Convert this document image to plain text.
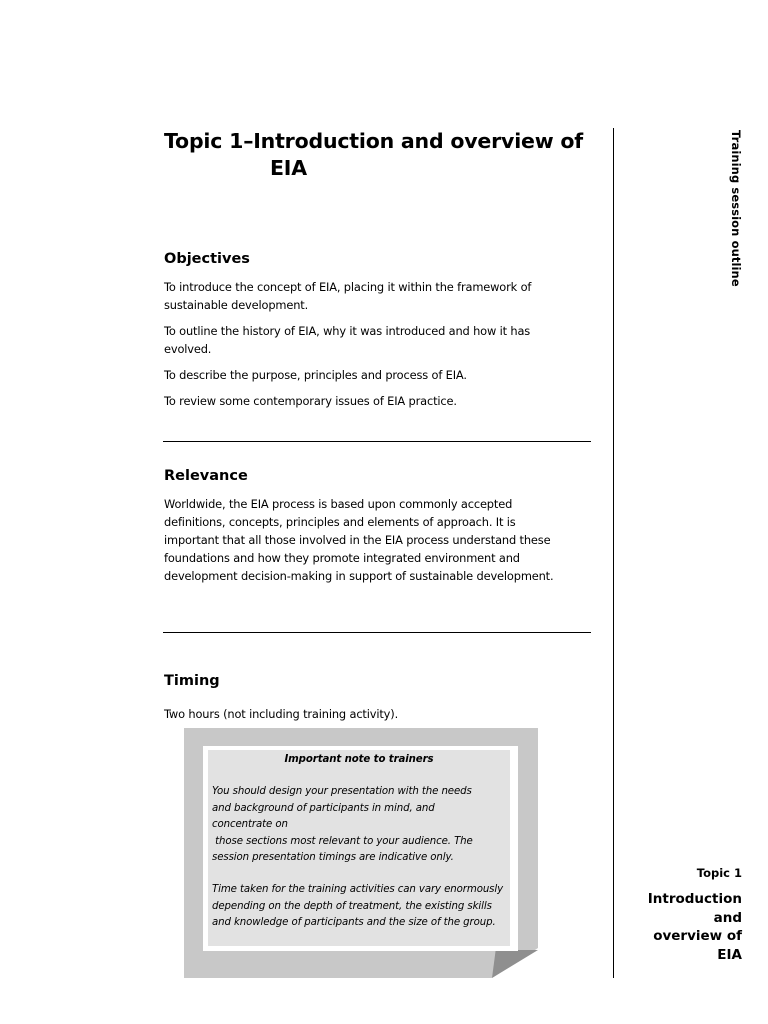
Topic 1–Introduction and overview of
EIA	Training session outline
Objectives

To introduce the concept of EIA, placing it within the framework of sustainable development.

To outline the history of EIA, why it was introduced and how it has evolved.

To describe the purpose, principles and process of EIA.

To review some contemporary issues of EIA practice.

Relevance

Worldwide, the EIA process is based upon commonly accepted definitions, concepts, principles and elements of approach. It is important that all those involved in the EIA process understand these foundations and how they promote integrated environment and development decision-making in support of sustainable development.

Timing
Two hours (not including training activity).
Important note to trainers

You should design your presentation with the needs
and background of participants in mind, and
concentrate on
those sections most relevant to your audience. The
session presentation timings are indicative only.

Time taken for the training activities can vary enormously depending on the depth of treatment, the existing skills and knowledge of participants and the size of the group.

Topic 1
Introduction
and
overview of
EIA
